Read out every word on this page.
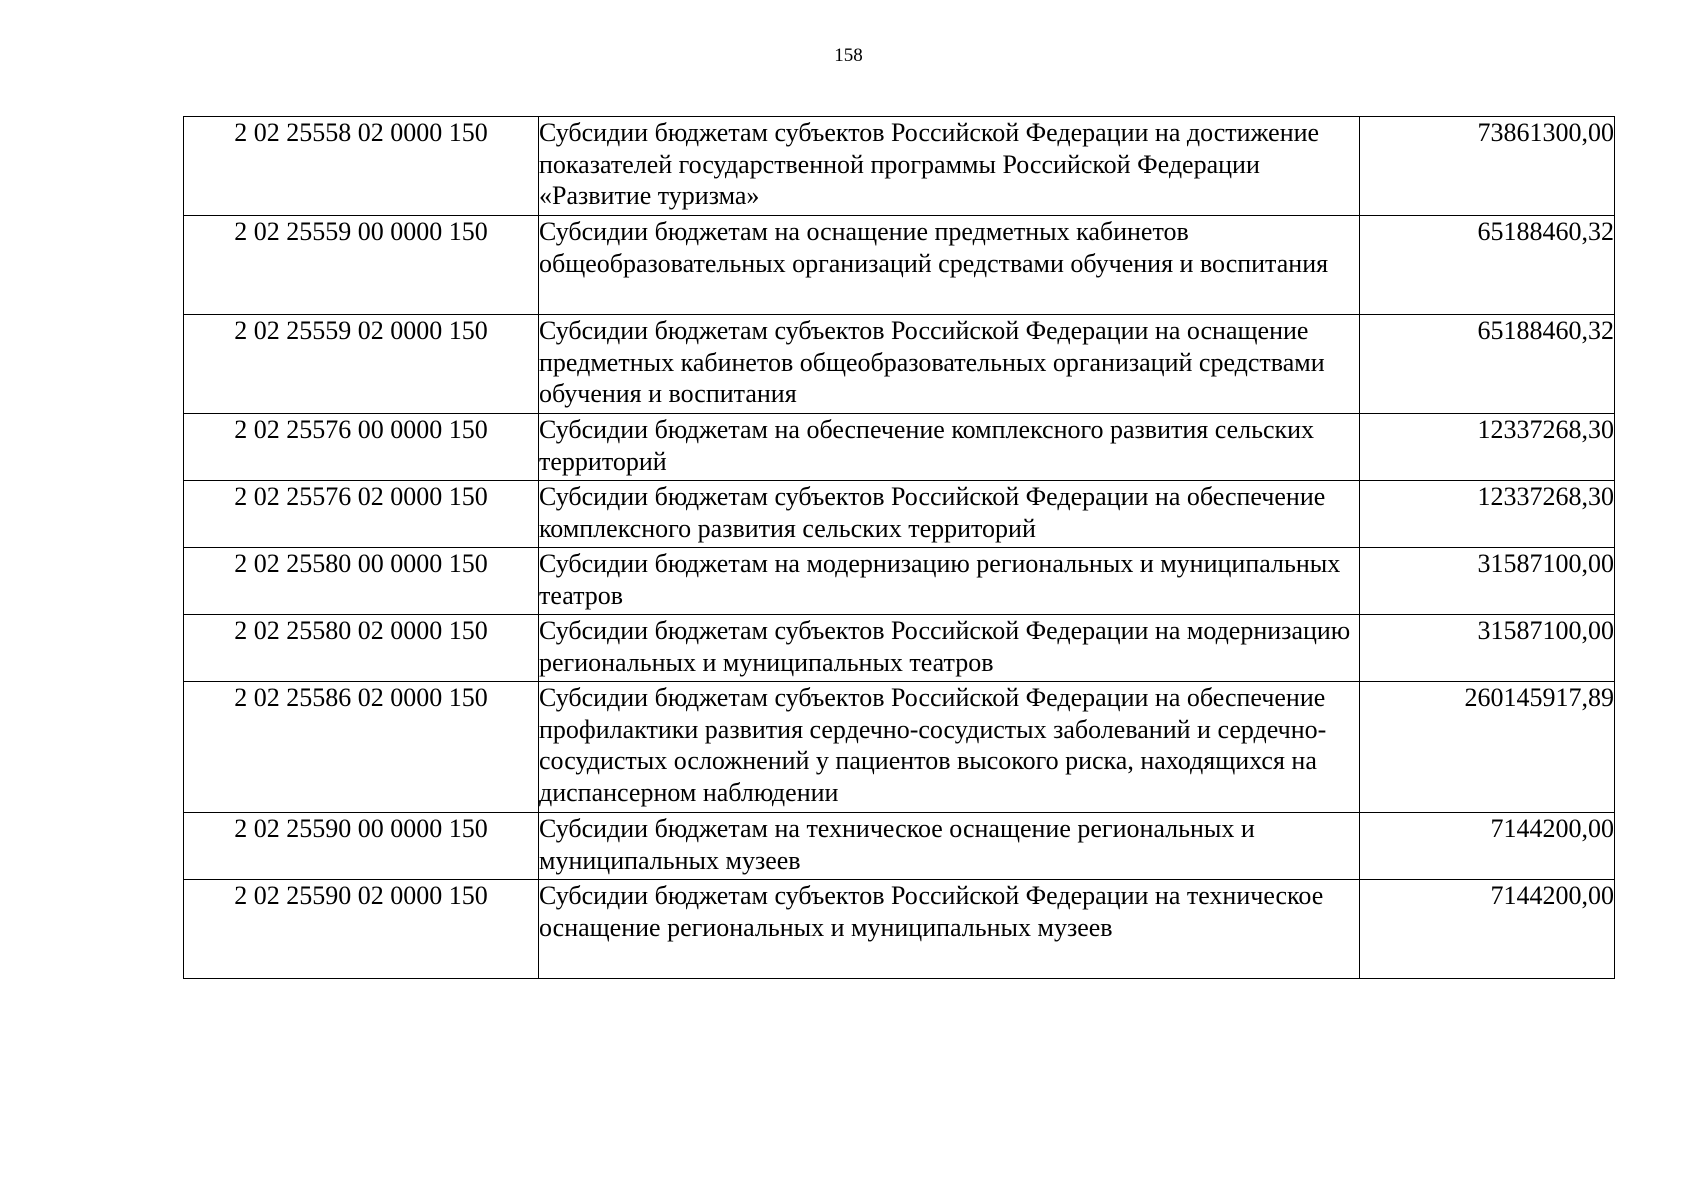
158
2 02 25558 02 0000 150	Субсидии бюджетам субъектов Российской Федерации на достижение показателей государственной программы Российской Федерации «Развитие туризма»	73861300,00
2 02 25559 00 0000 150	Субсидии бюджетам на оснащение предметных кабинетов общеобразовательных организаций средствами обучения и воспитания	65188460,32
2 02 25559 02 0000 150	Субсидии бюджетам субъектов Российской Федерации на оснащение предметных кабинетов общеобразовательных организаций средствами обучения и воспитания	65188460,32
2 02 25576 00 0000 150	Субсидии бюджетам на обеспечение комплексного развития сельских территорий	12337268,30
2 02 25576 02 0000 150	Субсидии бюджетам субъектов Российской Федерации на обеспечение комплексного развития сельских территорий	12337268,30
2 02 25580 00 0000 150	Субсидии бюджетам на модернизацию региональных и муниципальных театров	31587100,00
2 02 25580 02 0000 150	Субсидии бюджетам субъектов Российской Федерации на модернизацию региональных и муниципальных театров	31587100,00
2 02 25586 02 0000 150	Субсидии бюджетам субъектов Российской Федерации на обеспечение профилактики развития сердечно-сосудистых заболеваний и сердечно-сосудистых осложнений у пациентов высокого риска, находящихся на диспансерном наблюдении	260145917,89
2 02 25590 00 0000 150	Субсидии бюджетам на техническое оснащение региональных и муниципальных музеев	7144200,00
2 02 25590 02 0000 150	Субсидии бюджетам субъектов Российской Федерации на техническое оснащение региональных и муниципальных музеев	7144200,00
